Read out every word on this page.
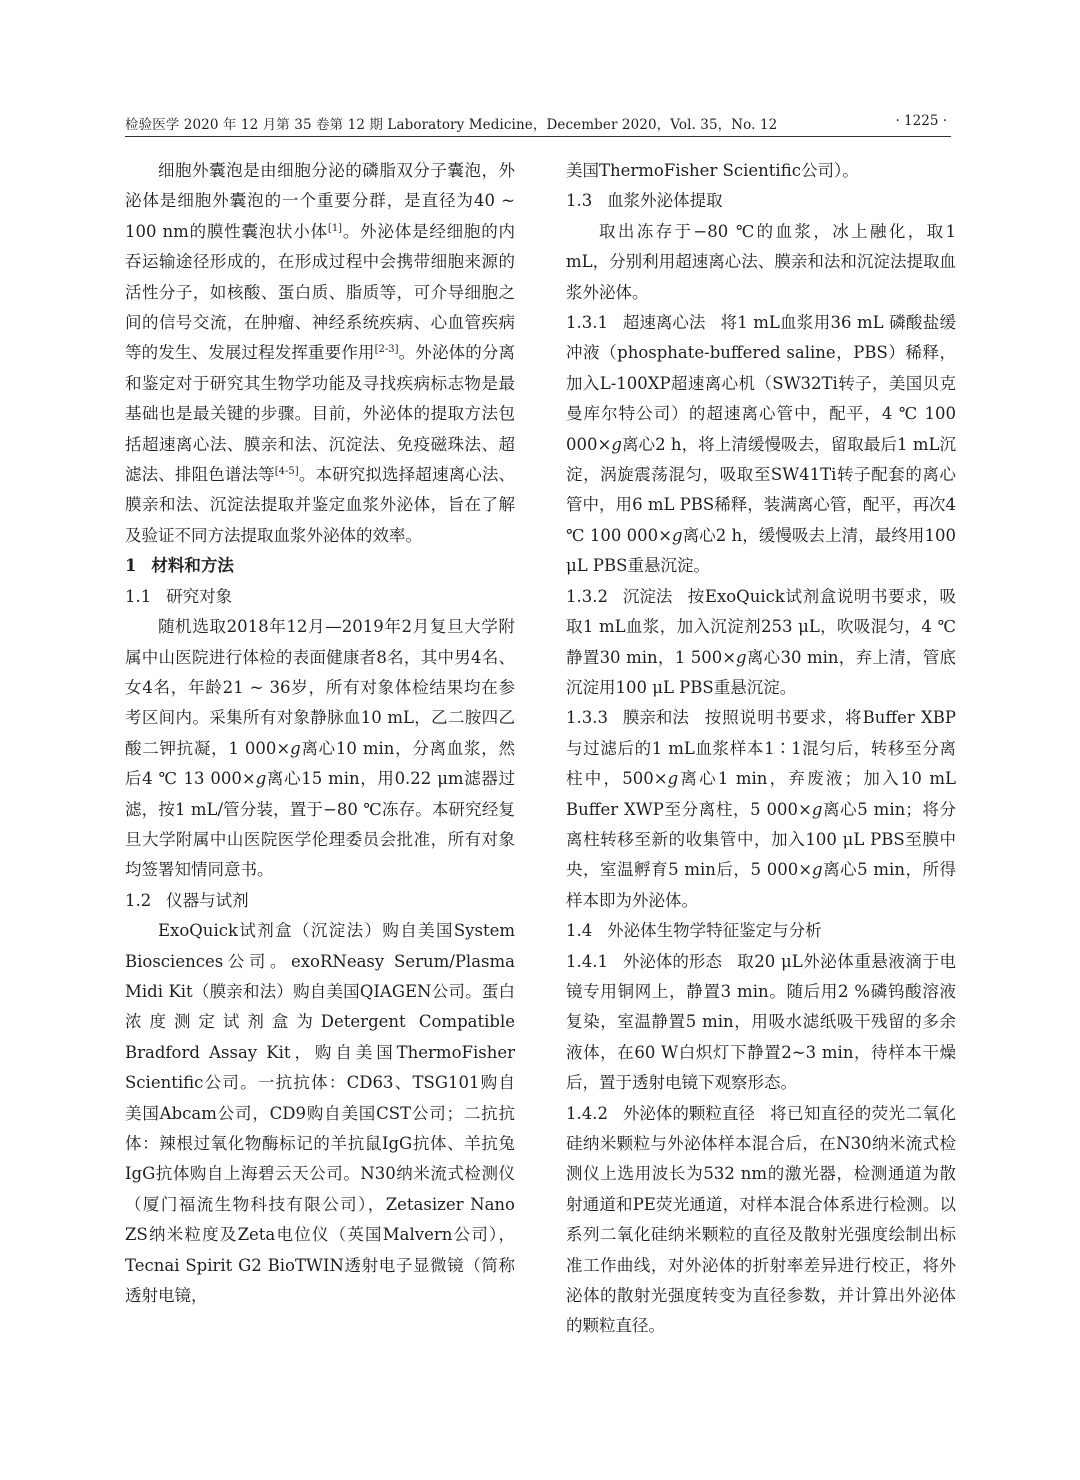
检验医学 2020 年 12 月第 35 卷第 12 期 Laboratory Medicine，December 2020，Vol. 35，No. 12	· 1225 ·

细胞外囊泡是由细胞分泌的磷脂双分子囊泡，外泌体是细胞外囊泡的一个重要分群，是直径为40 ~ 100 nm的膜性囊泡状小体[1]。外泌体是经细胞的内吞运输途径形成的，在形成过程中会携带细胞来源的活性分子，如核酸、蛋白质、脂质等，可介导细胞之间的信号交流，在肿瘤、神经系统疾病、心血管疾病等的发生、发展过程发挥重要作用[2-3]。外泌体的分离和鉴定对于研究其生物学功能及寻找疾病标志物是最基础也是最关键的步骤。目前，外泌体的提取方法包括超速离心法、膜亲和法、沉淀法、免疫磁珠法、超滤法、排阻色谱法等[4-5]。本研究拟选择超速离心法、膜亲和法、沉淀法提取并鉴定血浆外泌体，旨在了解及验证不同方法提取血浆外泌体的效率。

1 材料和方法
1.1 研究对象

随机选取2018年12月—2019年2月复旦大学附属中山医院进行体检的表面健康者8名，其中男4名、女4名，年龄21 ~ 36岁，所有对象体检结果均在参考区间内。采集所有对象静脉血10 mL，乙二胺四乙酸二钾抗凝，1 000×g离心10 min，分离血浆，然后4 ℃ 13 000×g离心15 min，用0.22 μm滤器过滤，按1 mL/管分装，置于−80 ℃冻存。本研究经复旦大学附属中山医院医学伦理委员会批准，所有对象均签署知情同意书。

1.2 仪器与试剂

ExoQuick试剂盒（沉淀法）购自美国System Biosciences公司。exoRNeasy Serum/Plasma Midi Kit（膜亲和法）购自美国QIAGEN公司。蛋白浓度测定试剂盒为Detergent Compatible Bradford Assay Kit，购自美国ThermoFisher Scientific公司。一抗抗体：CD63、TSG101购自美国Abcam公司，CD9购自美国CST公司；二抗抗体：辣根过氧化物酶标记的羊抗鼠IgG抗体、羊抗兔IgG抗体购自上海碧云天公司。N30纳米流式检测仪（厦门福流生物科技有限公司），Zetasizer Nano ZS纳米粒度及Zeta电位仪（英国Malvern公司），Tecnai Spirit G2 BioTWIN透射电子显微镜（简称透射电镜，

美国ThermoFisher Scientific公司）。

1.3 血浆外泌体提取

取出冻存于−80 ℃的血浆，冰上融化，取1 mL，分别利用超速离心法、膜亲和法和沉淀法提取血浆外泌体。

1.3.1 超速离心法 将1 mL血浆用36 mL 磷酸盐缓冲液（phosphate-buffered saline，PBS）稀释，加入L-100XP超速离心机（SW32Ti转子，美国贝克曼库尔特公司）的超速离心管中，配平，4 ℃ 100 000×g离心2 h，将上清缓慢吸去，留取最后1 mL沉淀，涡旋震荡混匀，吸取至SW41Ti转子配套的离心管中，用6 mL PBS稀释，装满离心管，配平，再次4 ℃ 100 000×g离心2 h，缓慢吸去上清，最终用100 μL PBS重悬沉淀。

1.3.2 沉淀法 按ExoQuick试剂盒说明书要求，吸取1 mL血浆，加入沉淀剂253 μL，吹吸混匀，4 ℃静置30 min，1 500×g离心30 min，弃上清，管底沉淀用100 μL PBS重悬沉淀。

1.3.3 膜亲和法 按照说明书要求，将Buffer XBP与过滤后的1 mL血浆样本1∶1混匀后，转移至分离柱中，500×g离心1 min，弃废液；加入10 mL Buffer XWP至分离柱，5 000×g离心5 min；将分离柱转移至新的收集管中，加入100 μL PBS至膜中央，室温孵育5 min后，5 000×g离心5 min，所得样本即为外泌体。

1.4 外泌体生物学特征鉴定与分析

1.4.1 外泌体的形态 取20 μL外泌体重悬液滴于电镜专用铜网上，静置3 min。随后用2 %磷钨酸溶液复染，室温静置5 min，用吸水滤纸吸干残留的多余液体，在60 W白炽灯下静置2~3 min，待样本干燥后，置于透射电镜下观察形态。

1.4.2 外泌体的颗粒直径 将已知直径的荧光二氧化硅纳米颗粒与外泌体样本混合后，在N30纳米流式检测仪上选用波长为532 nm的激光器，检测通道为散射通道和PE荧光通道，对样本混合体系进行检测。以系列二氧化硅纳米颗粒的直径及散射光强度绘制出标准工作曲线，对外泌体的折射率差异进行校正，将外泌体的散射光强度转变为直径参数，并计算出外泌体的颗粒直径。
